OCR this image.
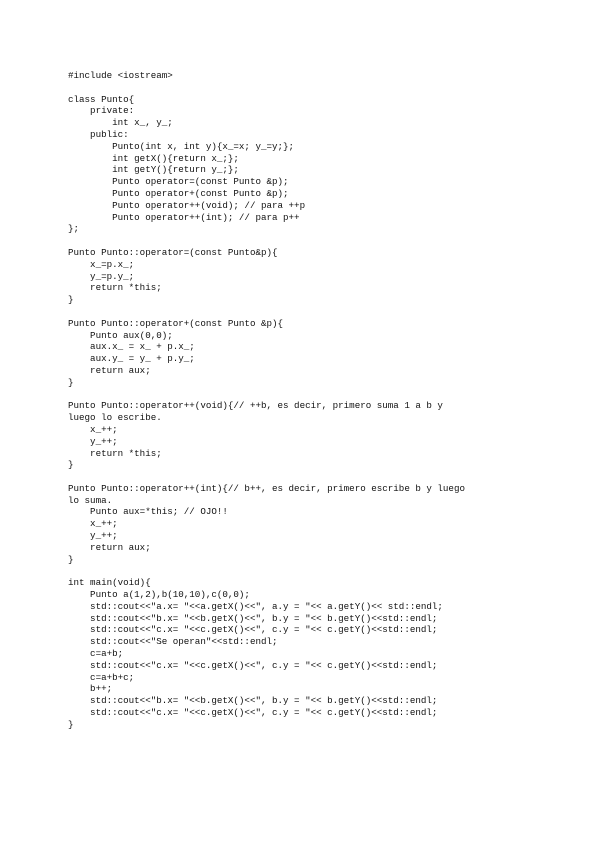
#include <iostream>
class Punto{
private:
int x_, y_;
public:
Punto(int x, int y){x_=x; y_=y;};
int getX(){return x_;};
int getY(){return y_;};
Punto operator=(const Punto &p);
Punto operator+(const Punto &p);
Punto operator++(void); // para ++p
Punto operator++(int); // para p++
};
Punto Punto::operator=(const Punto&p){
x_=p.x_;
y_=p.y_;
return *this;
}
Punto Punto::operator+(const Punto &p){
Punto aux(0,0);
aux.x_ = x_ + p.x_;
aux.y_ = y_ + p.y_;
return aux;
}
Punto Punto::operator++(void){// ++b, es decir, primero suma 1 a b y
luego lo escribe.
x_++;
y_++;
return *this;
}
Punto Punto::operator++(int){// b++, es decir, primero escribe b y luego
lo suma.
Punto aux=*this; // OJO!!
x_++;
y_++;
return aux;
}
int main(void){
Punto a(1,2),b(10,10),c(0,0);
std::cout<<"a.x= "<<a.getX()<<", a.y = "<< a.getY()<< std::endl;
std::cout<<"b.x= "<<b.getX()<<", b.y = "<< b.getY()<<std::endl;
std::cout<<"c.x= "<<c.getX()<<", c.y = "<< c.getY()<<std::endl;
std::cout<<"Se operan"<<std::endl;
c=a+b;
std::cout<<"c.x= "<<c.getX()<<", c.y = "<< c.getY()<<std::endl;
c=a+b+c;
b++;
std::cout<<"b.x= "<<b.getX()<<", b.y = "<< b.getY()<<std::endl;
std::cout<<"c.x= "<<c.getX()<<", c.y = "<< c.getY()<<std::endl;
}
